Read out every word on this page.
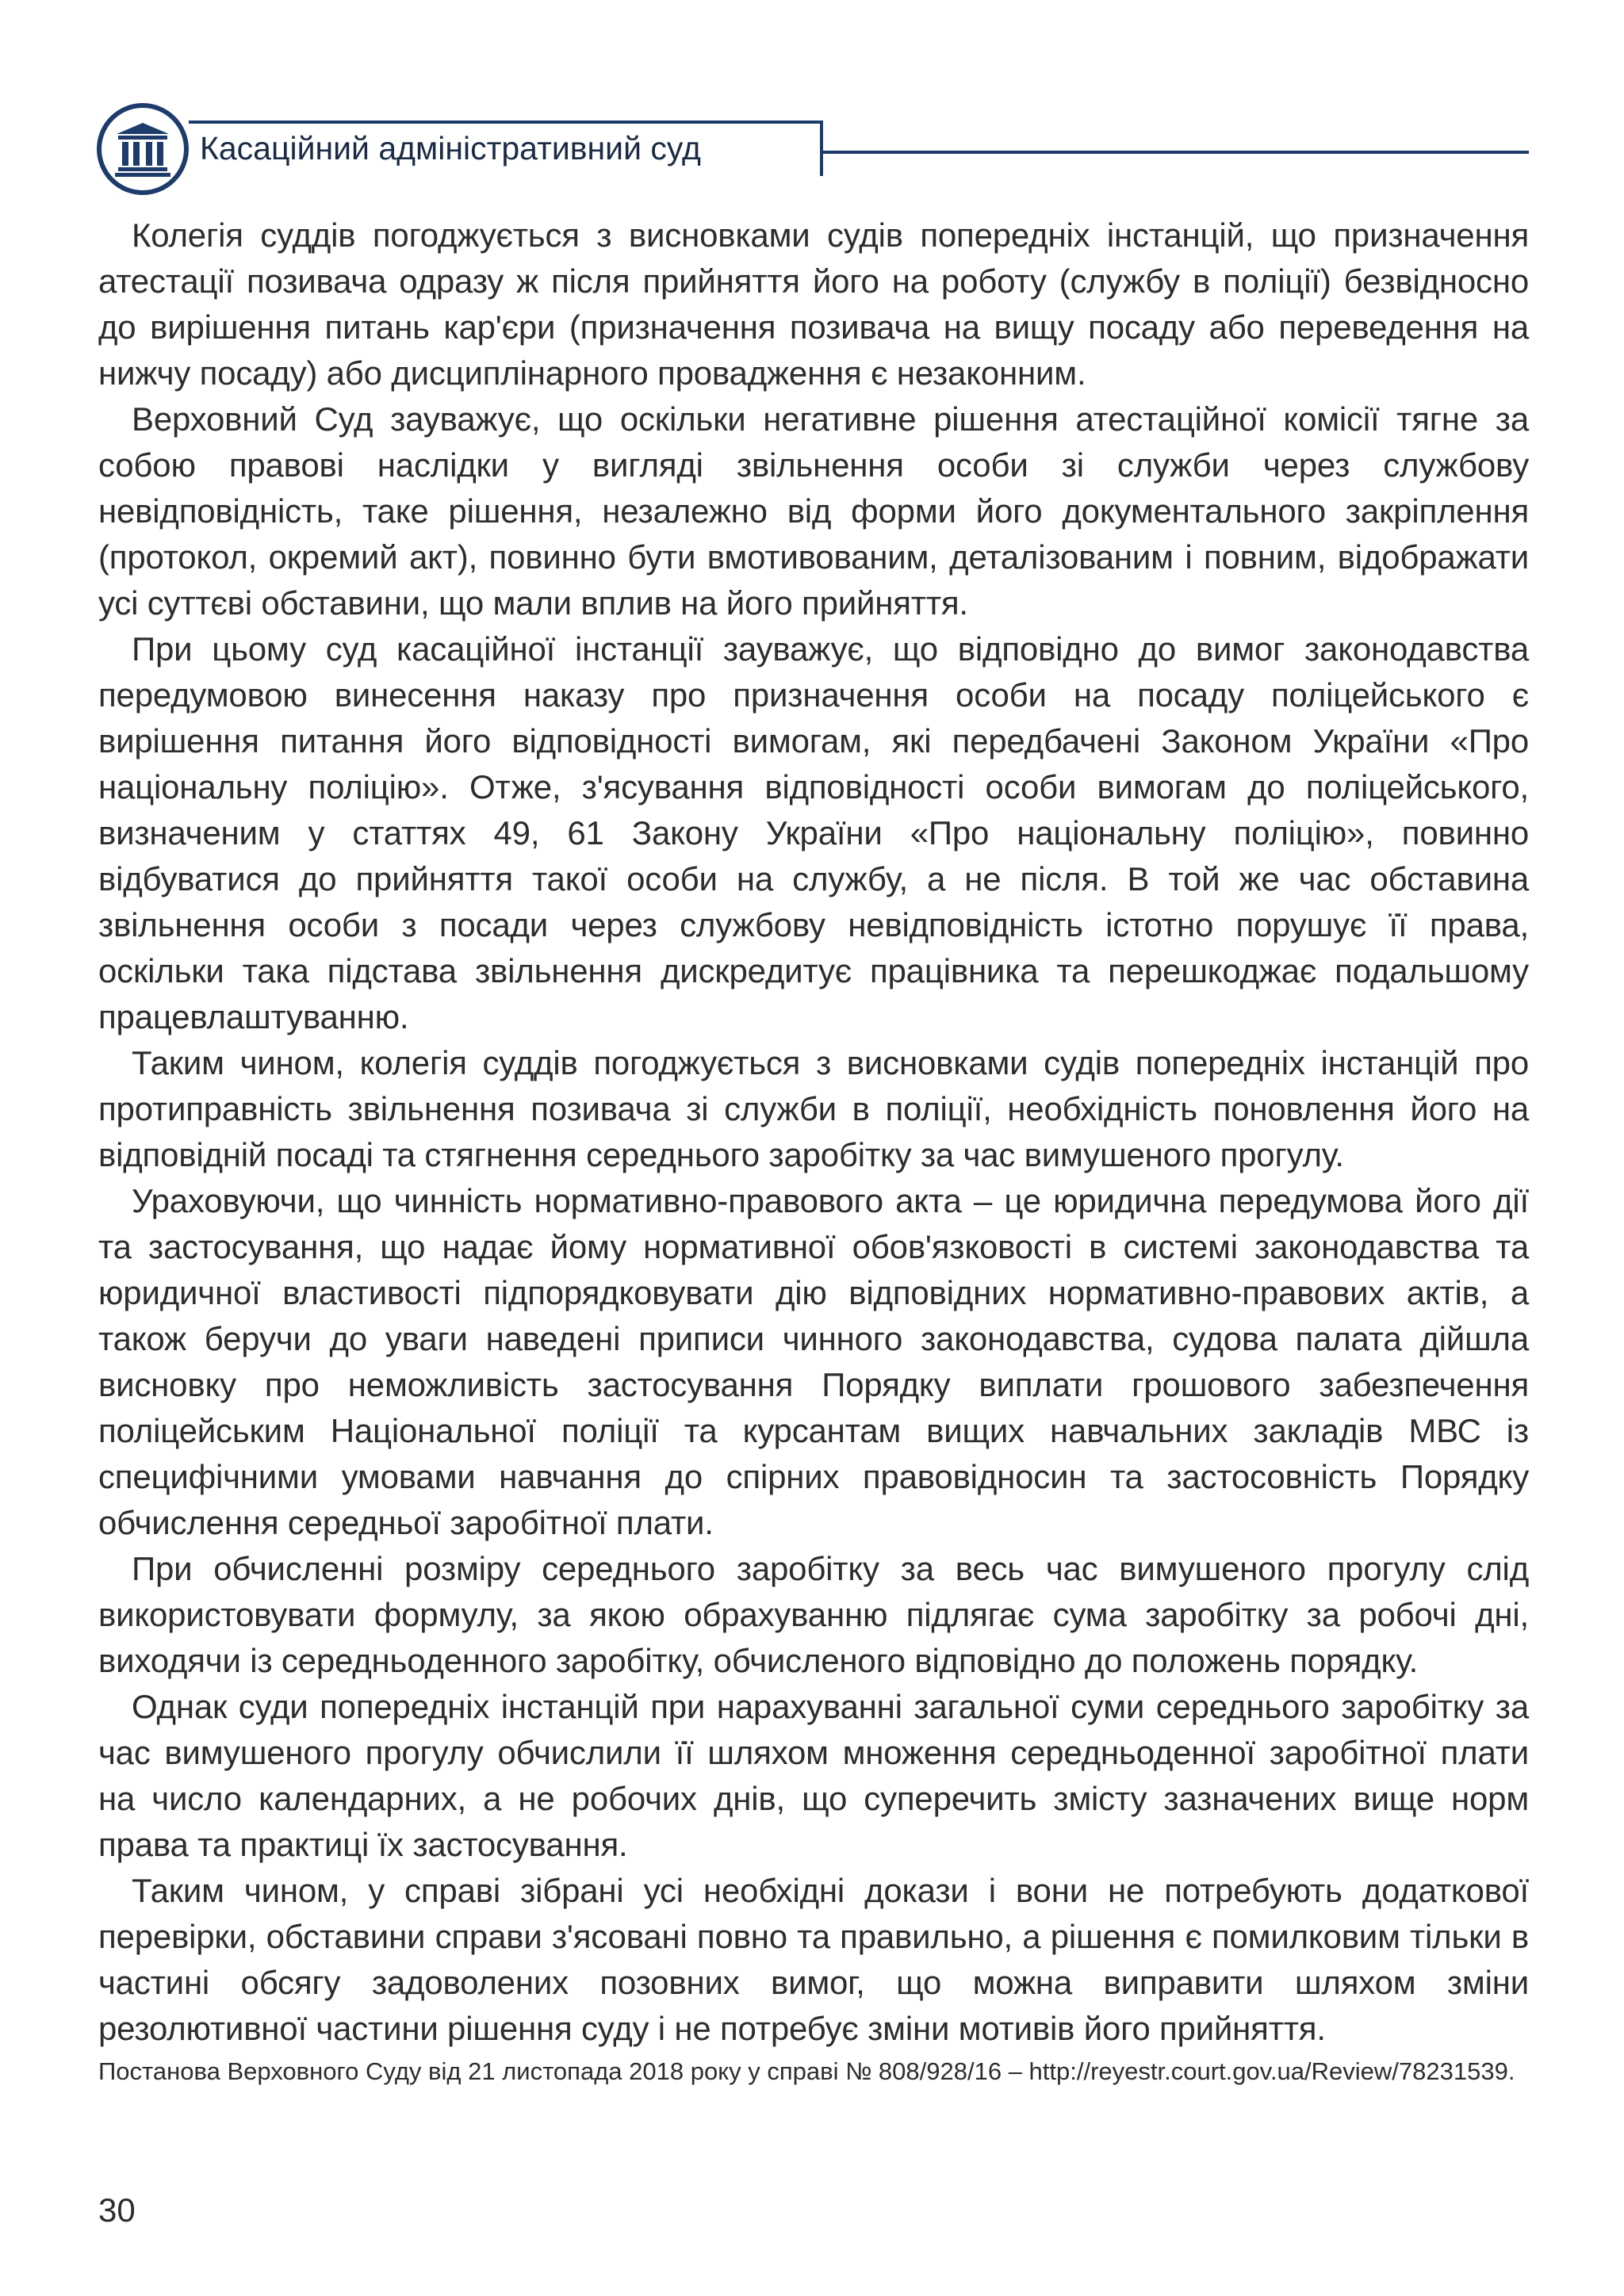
Касаційний адміністративний суд

Колегія суддів погоджується з висновками судів попередніх інстанцій, що призначення атестації позивача одразу ж після прийняття його на роботу (службу в поліції) безвідносно до вирішення питань кар'єри (призначення позивача на вищу посаду або переведення на нижчу посаду) або дисциплінарного провадження є незаконним.

Верховний Суд зауважує, що оскільки негативне рішення атестаційної комісії тягне за собою правові наслідки у вигляді звільнення особи зі служби через службову невідповідність, таке рішення, незалежно від форми його документального закріплення (протокол, окремий акт), повинно бути вмотивованим, деталізованим і повним, відображати усі суттєві обставини, що мали вплив на його прийняття.

При цьому суд касаційної інстанції зауважує, що відповідно до вимог законодавства передумовою винесення наказу про призначення особи на посаду поліцейського є вирішення питання його відповідності вимогам, які передбачені Законом України «Про національну поліцію». Отже, з'ясування відповідності особи вимогам до поліцейського, визначеним у статтях 49, 61 Закону України «Про національну поліцію», повинно відбуватися до прийняття такої особи на службу, а не після. В той же час обставина звільнення особи з посади через службову невідповідність істотно порушує її права, оскільки така підстава звільнення дискредитує працівника та перешкоджає подальшому працевлаштуванню.

Таким чином, колегія суддів погоджується з висновками судів попередніх інстанцій про протиправність звільнення позивача зі служби в поліції, необхідність поновлення його на відповідній посаді та стягнення середнього заробітку за час вимушеного прогулу.

Ураховуючи, що чинність нормативно-правового акта – це юридична передумова його дії та застосування, що надає йому нормативної обов'язковості в системі законодавства та юридичної властивості підпорядковувати дію відповідних нормативно-правових актів, а також беручи до уваги наведені приписи чинного законодавства, судова палата дійшла висновку про неможливість застосування Порядку виплати грошового забезпечення поліцейським Національної поліції та курсантам вищих навчальних закладів МВС із специфічними умовами навчання до спірних правовідносин та застосовність Порядку обчислення середньої заробітної плати.

При обчисленні розміру середнього заробітку за весь час вимушеного прогулу слід використовувати формулу, за якою обрахуванню підлягає сума заробітку за робочі дні, виходячи із середньоденного заробітку, обчисленого відповідно до положень порядку.

Однак суди попередніх інстанцій при нарахуванні загальної суми середнього заробітку за час вимушеного прогулу обчислили її шляхом множення середньоденної заробітної плати на число календарних, а не робочих днів, що суперечить змісту зазначених вище норм права та практиці їх застосування.

Таким чином, у справі зібрані усі необхідні докази і вони не потребують додаткової перевірки, обставини справи з'ясовані повно та правильно, а рішення є помилковим тільки в частині обсягу задоволених позовних вимог, що можна виправити шляхом зміни резолютивної частини рішення суду і не потребує зміни мотивів його прийняття.

Постанова Верховного Суду від 21 листопада 2018 року у справі № 808/928/16 – http://reyestr.court.gov.ua/Review/78231539.

30
